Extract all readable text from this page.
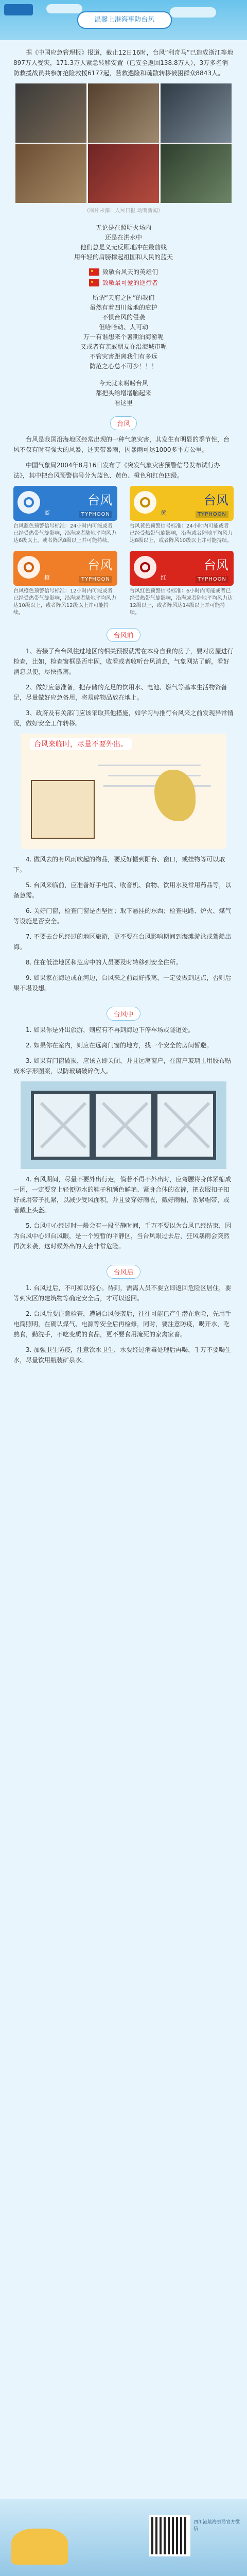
温馨上港海事防台风

据《中国应急管理报》报道，截止12日16时，台风“利奇马”已造成浙江等地897万人受灾，171.3万人紧急转移安置（已安全返回138.8万人），3万多名消防救援战员共参加抢险救援6177起，营救遇险和疏散转移被困群众8843人。

（图片来源：人民日报 动嘴新闻）

无论是在照明火场内

还是在洪水中

他们总是义无反顾地冲在最前线

用年轻的肩膀撑起祖国和人民的蓝天

致敬台风天的英雄们
致敬最可爱的逆行者

所谓“天府之国”的我们

虽然有着四川盆地的庇护

不惧台风的侵袭

但哈哈动、人可动

万一有谁想来个暑期泊海游呢

又或者有亲戚朋友在沿海城市呢

不管灾害距离我们有多远

防范之心总不可少！！！

今天就来唠唠台风

都把头给增增脑起来

看这里

台风

台风是我国沿海地区经常出现的一种气象灾害，其发生有明显的季节性，台风不仅有时有强大的风暴，还夹带暴雨，因暴雨可达1000多平方公里。

中国气象局2004年8月16日发布了《突发气象灾害预警信号发布试行办法》，其中把台风预警信号分为蓝色、黄色、橙色和红色四级。

台风
TYPHOON
蓝
台风蓝色预警信号标准：24小时内可能或者已经受热带气旋影响，沿海或者陆地平均风力达6级以上，或者阵风8级以上并可能持续。
台风
TYPHOON
黄
台风黄色预警信号标准：24小时内可能或者已经受热带气旋影响，沿海或者陆地平均风力达8级以上，或者阵风10级以上并可能持续。
台风
TYPHOON
橙
台风橙色预警信号标准：12小时内可能或者已经受热带气旋影响，沿海或者陆地平均风力达10级以上，或者阵风12级以上并可能持续。
台风
TYPHOON
红
台风红色预警信号标准：6小时内可能或者已经受热带气旋影响，沿海或者陆地平均风力达12级以上，或者阵风达14级以上并可能持续。
台风前

1、若接了台台风往过地区的相关预报就需在本身自我的房子，要对房屋进行检查，比如，检查窗框是否牢固，收看或者收听台风消息，气象网站了解，看好消息以便，尽快撤离。

2、做好应急准备，把存储的充足的饮用水、电池、燃气等基本生活物资备足，尽量做好应急备用，将易碎物品放在地上。

3、政府及有关部门应该采取其他措施，如学习与推行台风来之前发现异常情况，做好安全工作转移。

台风来临时，尽量不要外出。

4. 做风去的有风雨吹起的物品，要反好搬到阳台、窗口，或挂物等可以取下。

5. 台风来临前，应准备好手电筒、收音机、食物、饮用水及常用药品等，以备急需。

6. 关好门窗，检查门窗是否坚固；取下悬挂的东西；检查电路、炉火、煤气等设施是否安全。

7. 不要去台风经过的地区旅游，更不要在台风影响期间到海滩游泳或驾船出海。

8. 住在低洼地区和危房中的人员要及时转移到安全住所。

9. 如果家在海边或在河边，台风来之前最好撤离，一定要做到这点，否则后果不堪设想。

台风中

1. 如果你是外出旅游，则应有不再到海边下停车场或隧道处。

2. 如果你在室内，则应在远离门窗的地方，找一个安全的房间暂避。

3. 如果有门窗破损，应该立即关闭，并且远离窗户，在窗户玻璃上用胶布贴成米字形图案，以防玻璃破碎伤人。

4. 台风期间，尽量不要外出行走，倘若不得不外出时，应弯腰将身体紧缩成一团，一定要穿上轻便防水的鞋子和颜色鲜艳、紧身合体的衣裤，把衣服扣子扣好或用带子扎紧，以减少受风面积，并且要穿好雨衣，戴好雨帽，系紧帽带，或者戴上头盔。

5. 台风中心经过时一般会有一段平静时间，千万不要以为台风已经结束，因为台风中心即台风眼，是一个短暂的平静区，当台风眼过去后，狂风暴雨会突然再次来袭，这时候外出的人会非常危险。

台风后

1. 台风过后，不可掉以轻心。待到，需离人员不要立即返回危险区居住，要等到灾区的建筑物等确定安全后，才可以返回。

2. 台风后要注意检查，遭遇台风侵袭后，往往可能已产生潜在危险，先用手电筒照明，在确认煤气、电源等安全后再检修，同时，要注意防疫，喝开水，吃熟食，勤洗手，不吃变质的食品，更不要食用淹死的家禽家畜。

3. 加强卫生防疫，注意饮水卫生，水要经过消毒处理后再喝，千万不要喝生水，尽量饮用瓶装矿泉水。

四川港航海事局官方微信
